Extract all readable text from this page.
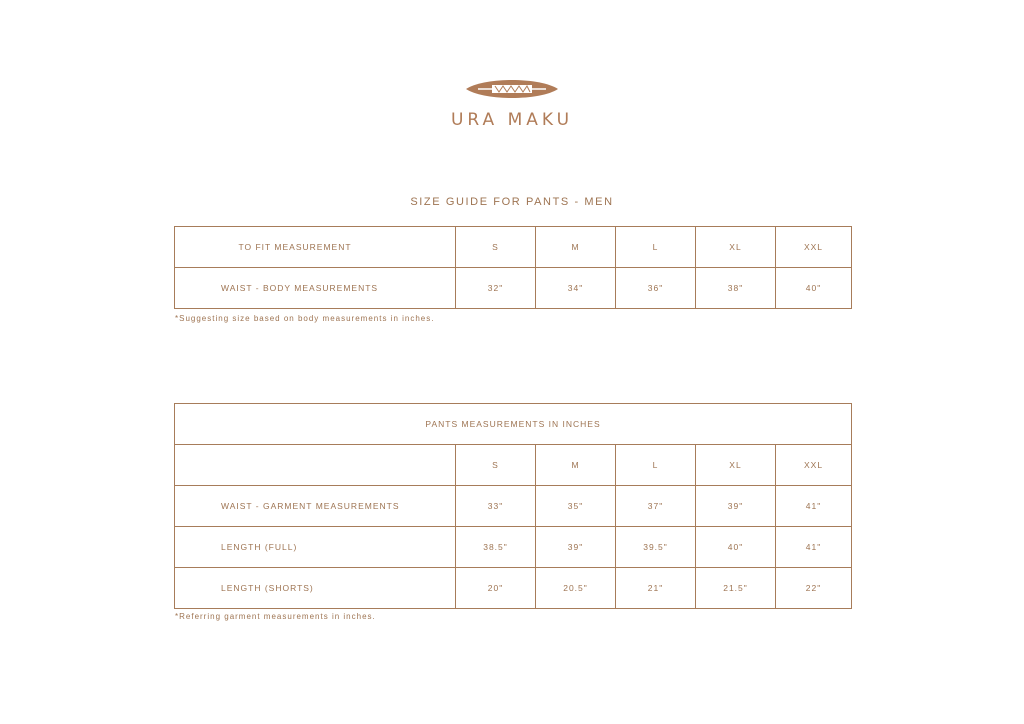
URA MAKU
SIZE GUIDE FOR PANTS - MEN
TO FIT MEASUREMENT	S	M	L	XL	XXL
WAIST - BODY MEASUREMENTS	32"	34"	36"	38"	40"
*Suggesting size based on body measurements in inches.
PANTS MEASUREMENTS IN INCHES					
	S	M	L	XL	XXL
WAIST - GARMENT MEASUREMENTS	33"	35"	37"	39"	41"
LENGTH (FULL)	38.5"	39"	39.5"	40"	41"
LENGTH (SHORTS)	20"	20.5"	21"	21.5"	22"
*Referring garment measurements in inches.
